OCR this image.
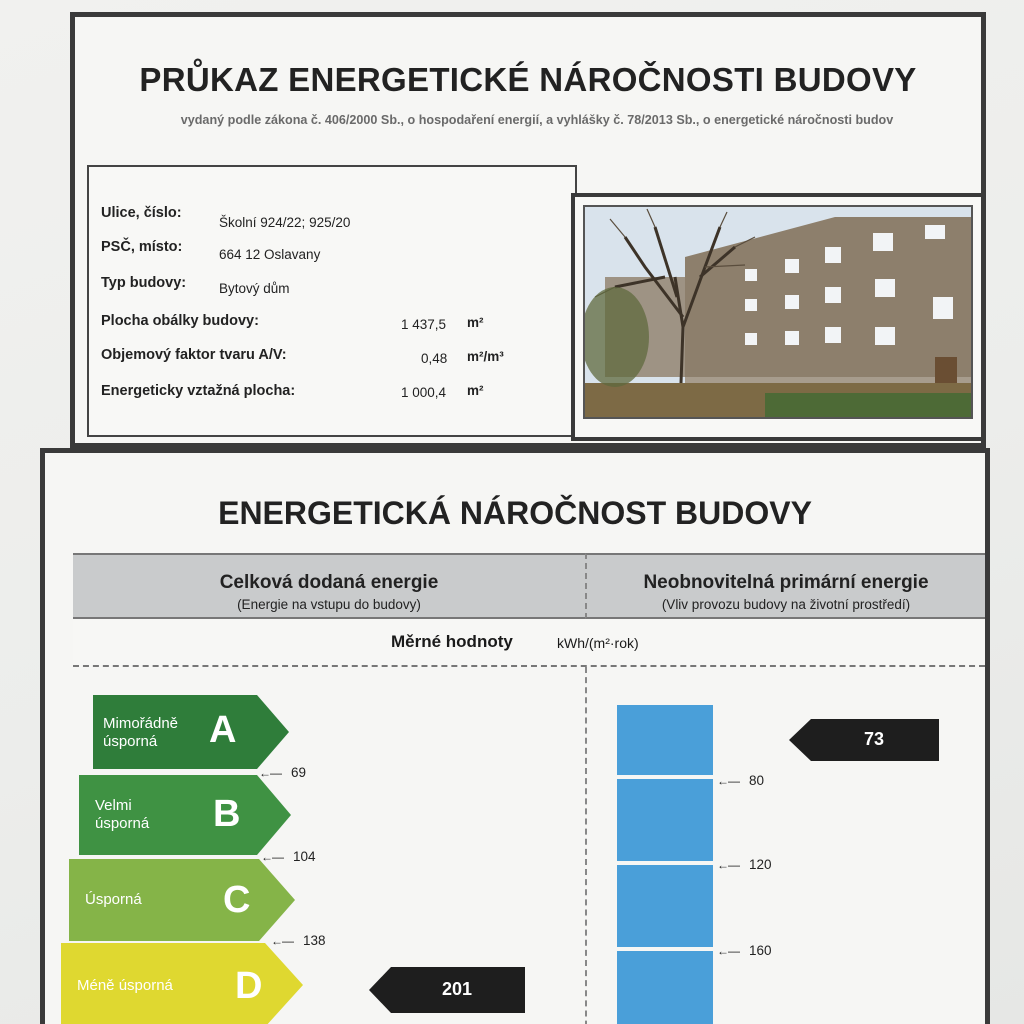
PRŮKAZ ENERGETICKÉ NÁROČNOSTI BUDOVY
vydaný podle zákona č. 406/2000 Sb., o hospodaření energií, a vyhlášky č. 78/2013 Sb., o energetické náročnosti budov
Ulice, číslo:
Školní 924/22; 925/20
PSČ, místo:	664 12 Oslavany
Typ budovy: Bytový dům
Plocha obálky budovy:	1 437,5 m²
Objemový faktor tvaru A/V:	0,48 m²/m³
Energeticky vztažná plocha:	1 000,4 m²
ENERGETICKÁ NÁROČNOST BUDOVY
Celková dodaná energie
(Energie na vstupu do budovy)
Neobnovitelná primární energie
(Vliv provozu budovy na životní prostředí)
Měrné hodnoty	kWh/(m²·rok)
Mimořádně
úsporná A
←— 69
Velmi
úsporná B
←— 104
Úsporná C
←— 138
Méně úsporná D	201
←— 80
←— 120
←— 160
73
